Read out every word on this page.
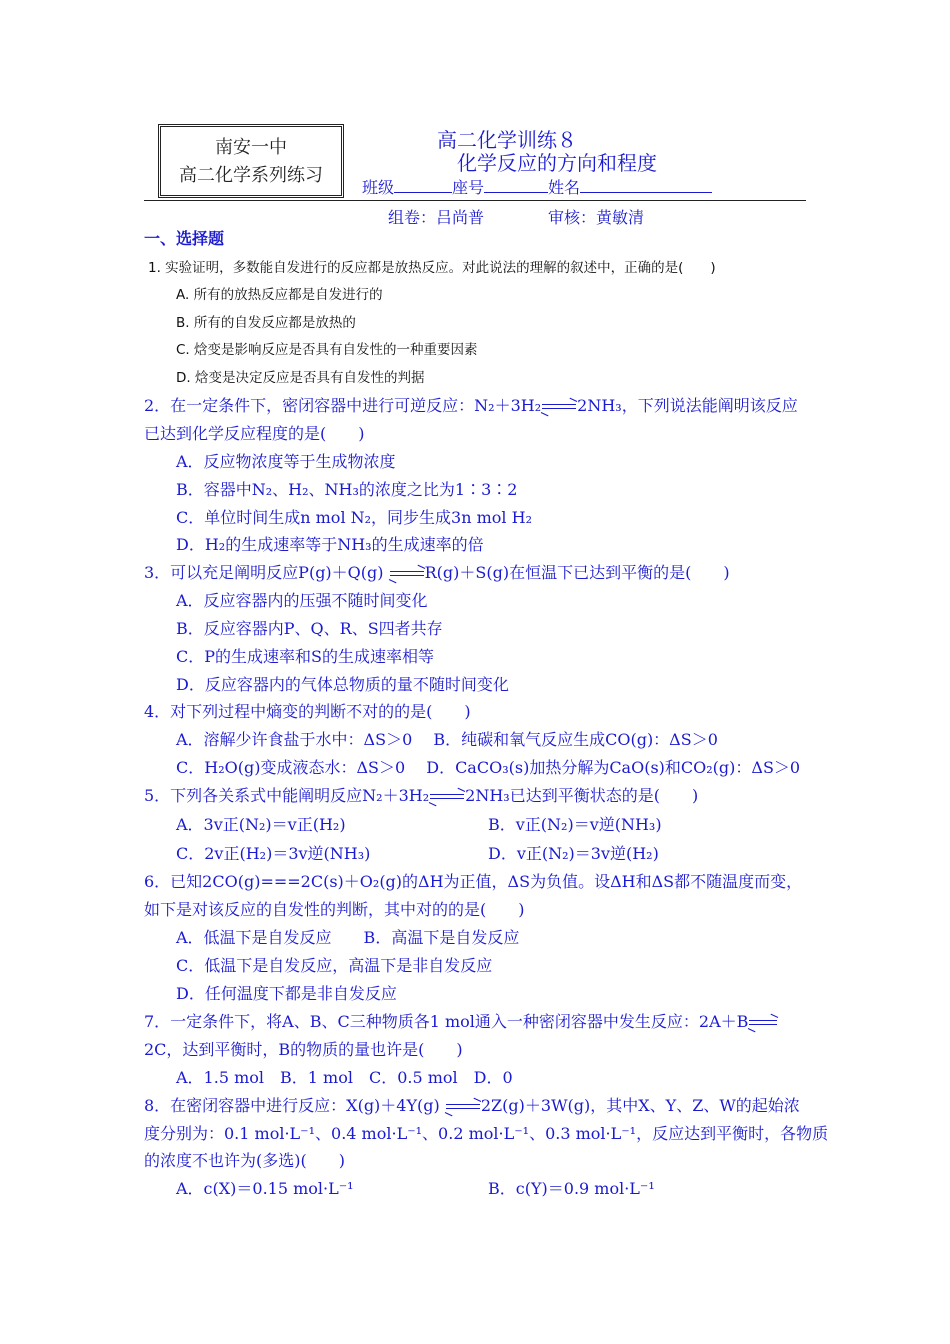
南安一中
高二化学系列练习
高二化学训练８
化学反应的方向和程度
班级	座号	姓名
组卷：吕尚普　　　　审核：黄敏清
一、选择题
1. 实验证明，多数能自发进行的反应都是放热反应。对此说法的理解的叙述中，正确的是(　　)
A. 所有的放热反应都是自发进行的
B. 所有的自发反应都是放热的
C. 焓变是影响反应是否具有自发性的一种重要因素
D. 焓变是决定反应是否具有自发性的判据
2．在一定条件下，密闭容器中进行可逆反应：N₂＋3H₂ 2NH₃，下列说法能阐明该反应
已达到化学反应程度的是(　　)
A．反应物浓度等于生成物浓度
B．容器中N₂、H₂、NH₃的浓度之比为1∶3∶2
C．单位时间生成n mol N₂，同步生成3n mol H₂
D．H₂的生成速率等于NH₃的生成速率的倍
3．可以充足阐明反应P(g)＋Q(g)	R(g)＋S(g)在恒温下已达到平衡的是(　　)
A．反应容器内的压强不随时间变化
B．反应容器内P、Q、R、S四者共存
C．P的生成速率和S的生成速率相等
D．反应容器内的气体总物质的量不随时间变化
4．对下列过程中熵变的判断不对的的是(　　)
A．溶解少许食盐于水中：ΔS＞0　 B．纯碳和氧气反应生成CO(g)：ΔS＞0
C．H₂O(g)变成液态水：ΔS＞0　 D．CaCO₃(s)加热分解为CaO(s)和CO₂(g)：ΔS＞0
5．下列各关系式中能阐明反应N₂＋3H₂ 2NH₃已达到平衡状态的是(　　)
A．3v正(N₂)＝v正(H₂)	B．v正(N₂)＝v逆(NH₃)
C．2v正(H₂)＝3v逆(NH₃)	D．v正(N₂)＝3v逆(H₂)
6．已知2CO(g)===2C(s)＋O₂(g)的ΔH为正值，ΔS为负值。设ΔH和ΔS都不随温度而变，
如下是对该反应的自发性的判断，其中对的的是(　　)
A．低温下是自发反应　　B．高温下是自发反应
C．低温下是自发反应，高温下是非自发反应
D．任何温度下都是非自发反应
7．一定条件下，将A、B、C三种物质各1 mol通入一种密闭容器中发生反应：2A＋B
2C，达到平衡时，B的物质的量也许是(　　)
A．1.5 mol　B．1 mol　C．0.5 mol　D．0
8．在密闭容器中进行反应：X(g)＋4Y(g)	2Z(g)＋3W(g)，其中X、Y、Z、W的起始浓
度分别为：0.1 mol·L⁻¹、0.4 mol·L⁻¹、0.2 mol·L⁻¹、0.3 mol·L⁻¹，反应达到平衡时，各物质
的浓度不也许为(多选)(　　)
A．c(X)＝0.15 mol·L⁻¹	B．c(Y)＝0.9 mol·L⁻¹
